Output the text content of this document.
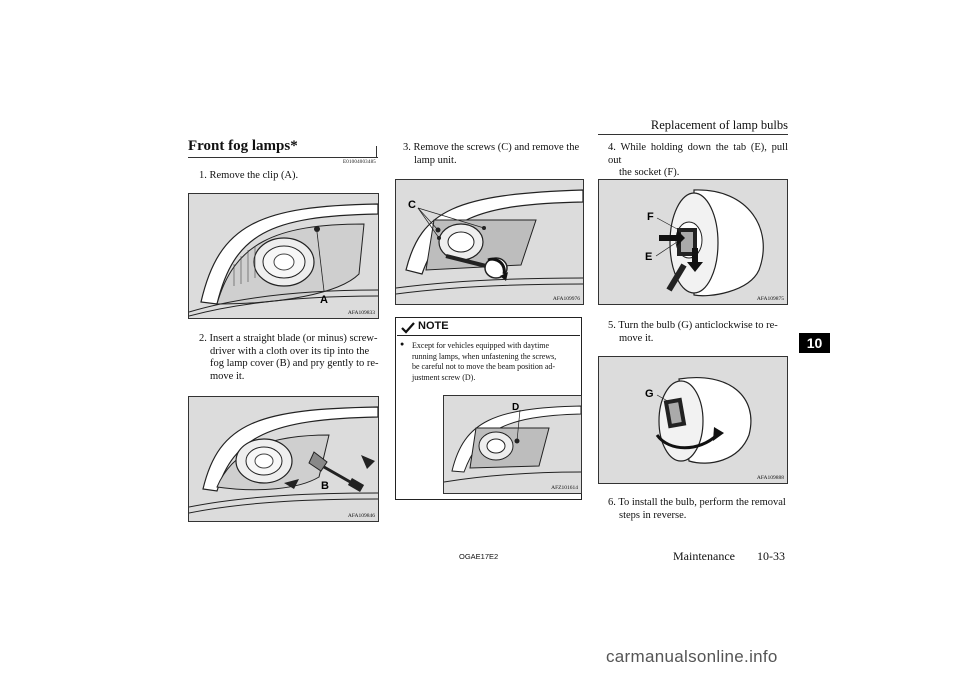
Replacement of lamp bulbs
Front fog lamps*
E01004003485
1. Remove the clip (A).
A
AFA109833
2. Insert a straight blade (or minus) screw-
driver with a cloth over its tip into the
fog lamp cover (B) and pry gently to re-
move it.
B
AFA109846
3. Remove the screws (C) and remove the
lamp unit.
C
AFA109976
NOTE
● Except for vehicles equipped with daytime
running lamps, when unfastening the screws,
be careful not to move the beam position ad-
justment screw (D).
D
AFZ101614
4. While holding down the tab (E), pull out
the socket (F).
F
E
AFA109875
5. Turn the bulb (G) anticlockwise to re-
move it.
G
AFA109888
6. To install the bulb, perform the removal
steps in reverse.
OGAE17E2	Maintenance 10-33
10
carmanualsonline.info
